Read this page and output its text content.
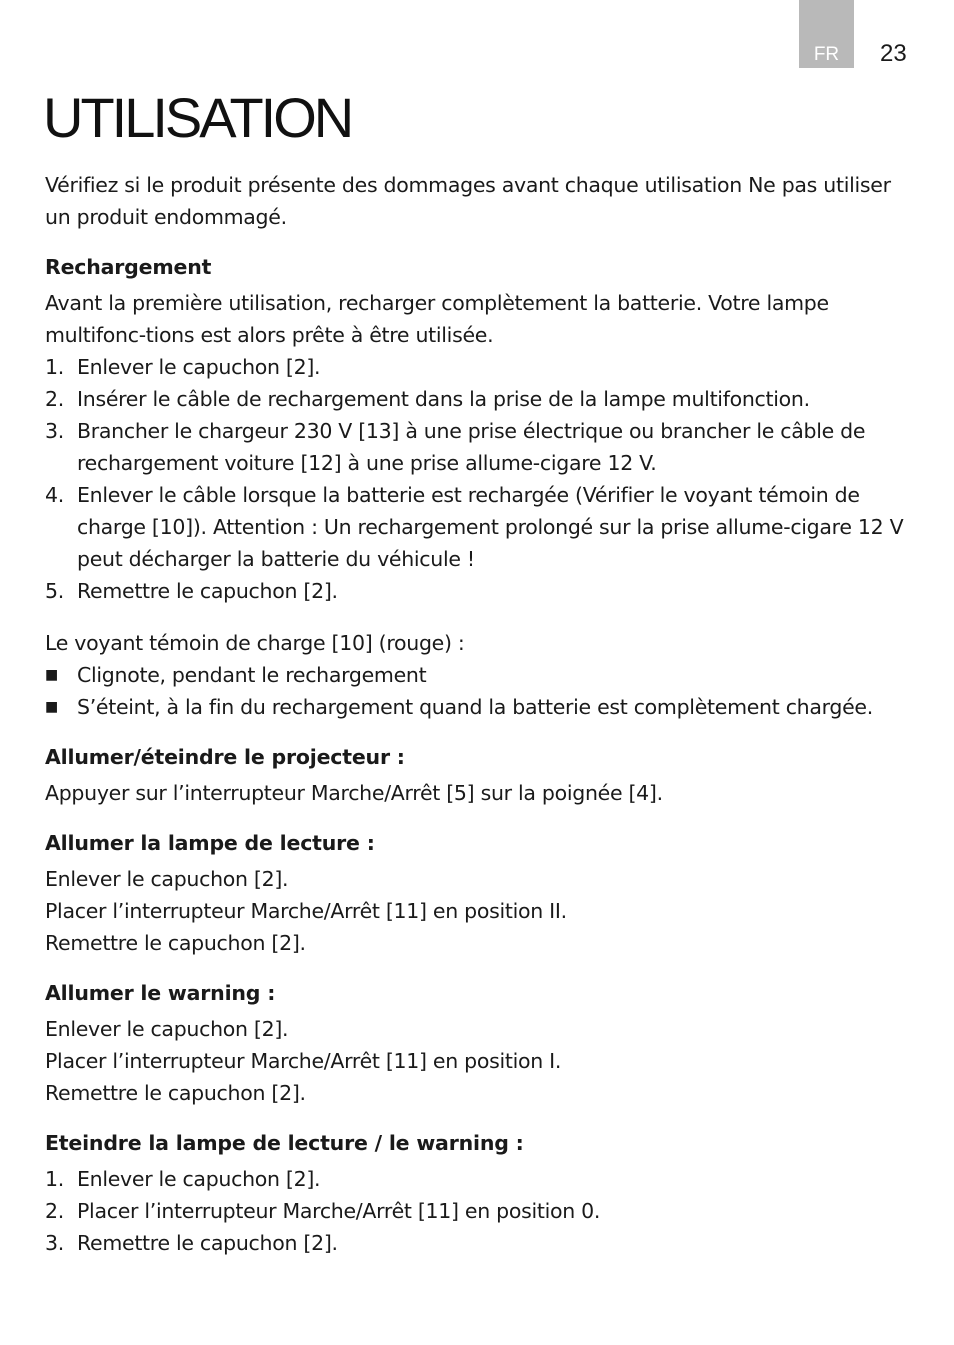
FR	23
UTILISATION

Vérifiez si le produit présente des dommages avant chaque utilisation Ne pas utiliser un produit endommagé.

Rechargement

Avant la première utilisation, recharger complètement la batterie. Votre lampe multifonc-tions est alors prête à être utilisée.

1. Enlever le capuchon [2].
2. Insérer le câble de rechargement dans la prise de la lampe multifonction.
3. Brancher le chargeur 230 V [13] à une prise électrique ou brancher le câble de rechargement voiture [12] à une prise allume-cigare 12 V.
4. Enlever le câble lorsque la batterie est rechargée (Vérifier le voyant témoin de charge [10]). Attention : Un rechargement prolongé sur la prise allume-cigare 12 V peut décharger la batterie du véhicule !
5. Remettre le capuchon [2].

Le voyant témoin de charge [10] (rouge) :

■ Clignote, pendant le rechargement
■ S’éteint, à la fin du rechargement quand la batterie est complètement chargée.
Allumer/éteindre le projecteur :

Appuyer sur l’interrupteur Marche/Arrêt [5] sur la poignée [4].

Allumer la lampe de lecture :

Enlever le capuchon [2].

Placer l’interrupteur Marche/Arrêt [11] en position II.

Remettre le capuchon [2].

Allumer le warning :

Enlever le capuchon [2].

Placer l’interrupteur Marche/Arrêt [11] en position I.

Remettre le capuchon [2].

Eteindre la lampe de lecture / le warning :
1. Enlever le capuchon [2].
2. Placer l’interrupteur Marche/Arrêt [11] en position 0.
3. Remettre le capuchon [2].
